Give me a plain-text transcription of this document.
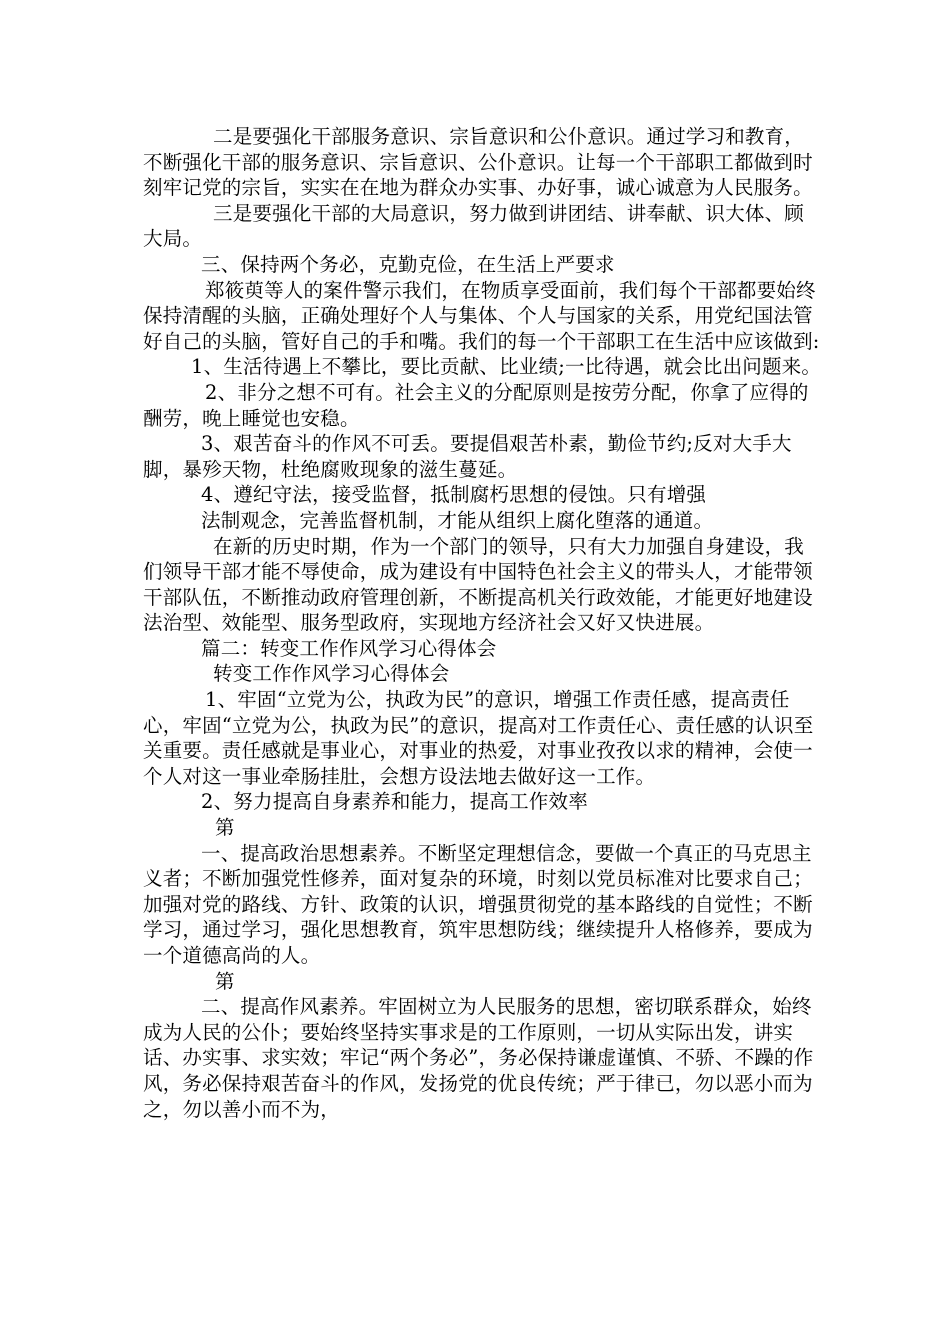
二是要强化干部服务意识、宗旨意识和公仆意识。通过学习和教育，不断强化干部的服务意识、宗旨意识、公仆意识。让每一个干部职工都做到时刻牢记党的宗旨，实实在在地为群众办实事、办好事，诚心诚意为人民服务。

三是要强化干部的大局意识，努力做到讲团结、讲奉献、识大体、顾大局。

三、保持两个务必，克勤克俭，在生活上严要求

郑筱萸等人的案件警示我们，在物质享受面前，我们每个干部都要始终保持清醒的头脑，正确处理好个人与集体、个人与国家的关系，用党纪国法管好自己的头脑，管好自己的手和嘴。我们的每一个干部职工在生活中应该做到:

1、生活待遇上不攀比，要比贡献、比业绩;一比待遇，就会比出问题来。

2、非分之想不可有。社会主义的分配原则是按劳分配，你拿了应得的酬劳，晚上睡觉也安稳。

3、艰苦奋斗的作风不可丢。要提倡艰苦朴素，勤俭节约;反对大手大脚，暴殄天物，杜绝腐败现象的滋生蔓延。

4、遵纪守法，接受监督，抵制腐朽思想的侵蚀。只有增强

法制观念，完善监督机制，才能从组织上腐化堕落的通道。

在新的历史时期，作为一个部门的领导，只有大力加强自身建设，我们领导干部才能不辱使命，成为建设有中国特色社会主义的带头人，才能带领干部队伍，不断推动政府管理创新，不断提高机关行政效能，才能更好地建设法治型、效能型、服务型政府，实现地方经济社会又好又快进展。

篇二：转变工作作风学习心得体会

转变工作作风学习心得体会

1、牢固“立党为公，执政为民”的意识，增强工作责任感，提高责任心，牢固“立党为公，执政为民”的意识，提高对工作责任心、责任感的认识至关重要。责任感就是事业心，对事业的热爱，对事业孜孜以求的精神，会使一个人对这一事业牵肠挂肚，会想方设法地去做好这一工作。

2、努力提高自身素养和能力，提高工作效率

第

一、提高政治思想素养。不断坚定理想信念，要做一个真正的马克思主义者；不断加强党性修养，面对复杂的环境，时刻以党员标准对比要求自己；加强对党的路线、方针、政策的认识，增强贯彻党的基本路线的自觉性；不断学习，通过学习，强化思想教育，筑牢思想防线；继续提升人格修养，要成为一个道德高尚的人。

第

二、提高作风素养。牢固树立为人民服务的思想，密切联系群众，始终成为人民的公仆；要始终坚持实事求是的工作原则，一切从实际出发，讲实话、办实事、求实效；牢记“两个务必”，务必保持谦虚谨慎、不骄、不躁的作风，务必保持艰苦奋斗的作风，发扬党的优良传统；严于律已，勿以恶小而为之，勿以善小而不为，
